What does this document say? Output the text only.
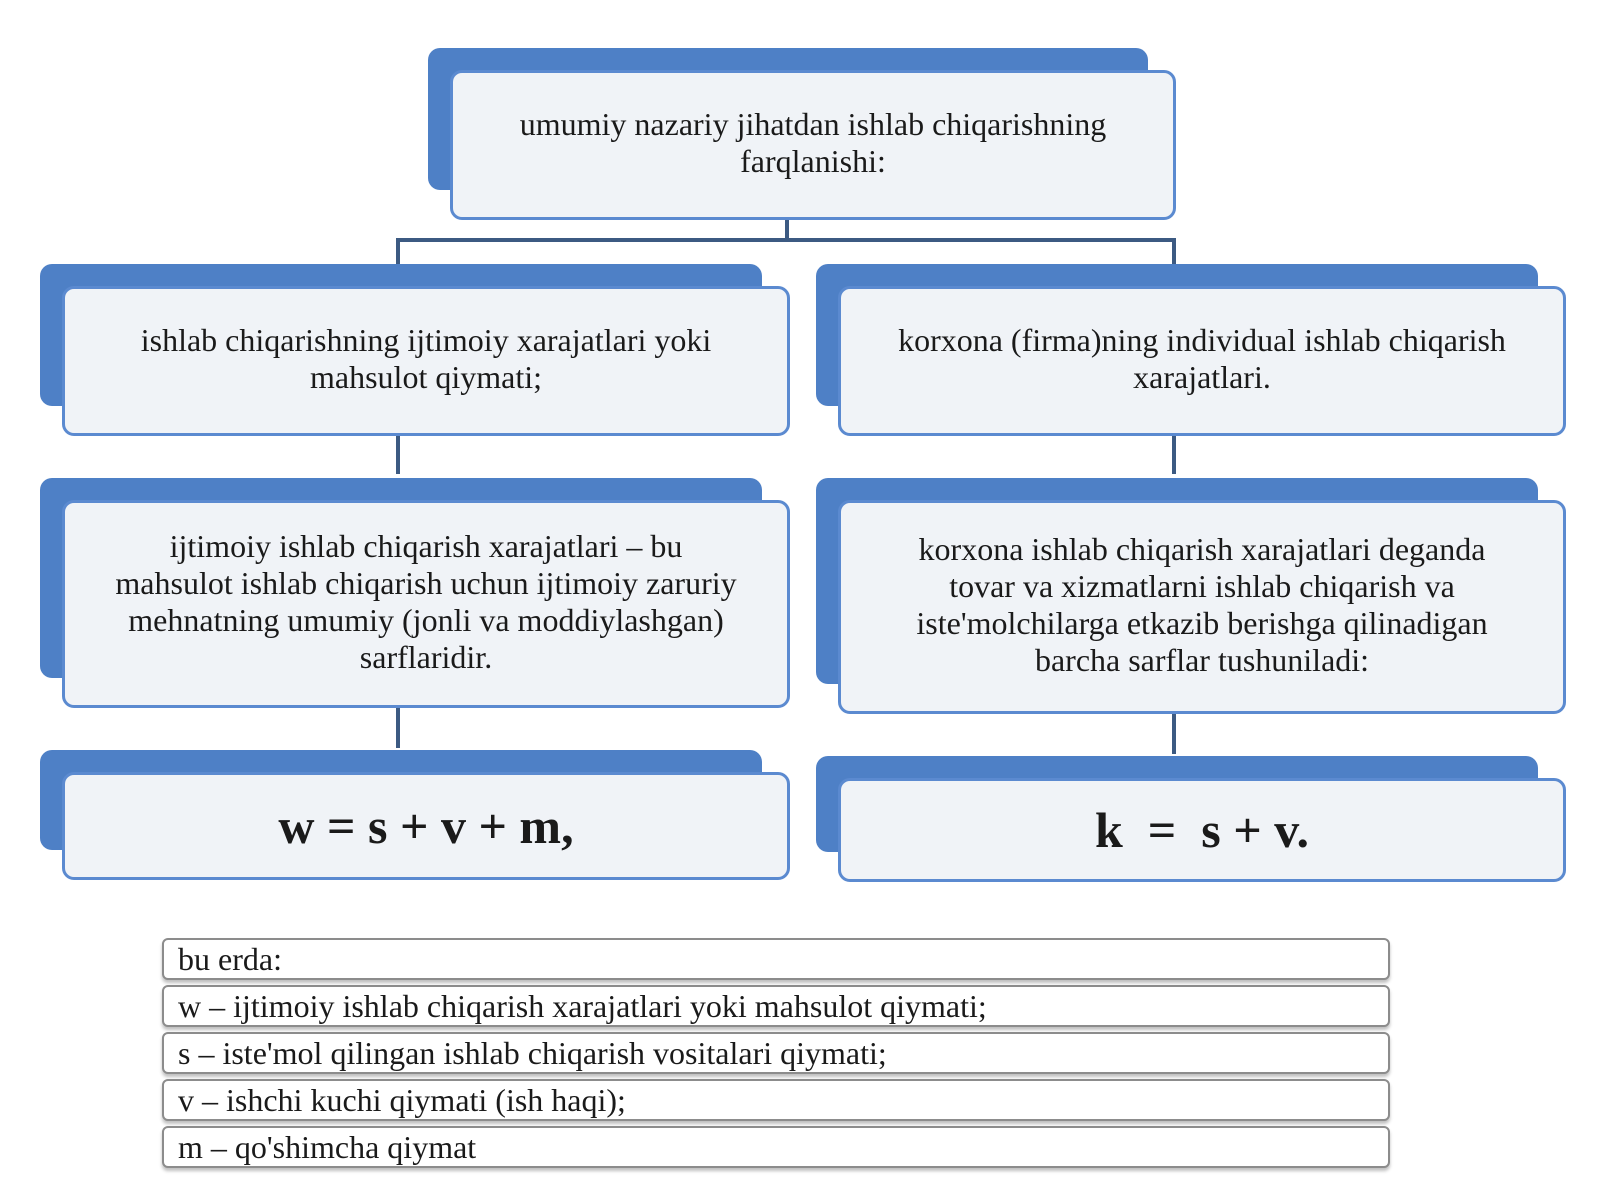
umumiy nazariy jihatdan ishlab chiqarishning
farqlanishi:
ishlab chiqarishning ijtimoiy xarajatlari yoki
mahsulot qiymati;
korxona (firma)ning individual ishlab chiqarish
xarajatlari.
ijtimoiy ishlab chiqarish xarajatlari – bu
mahsulot ishlab chiqarish uchun ijtimoiy zaruriy
mehnatning umumiy (jonli va moddiylashgan)
sarflaridir.
korxona ishlab chiqarish xarajatlari deganda
tovar va xizmatlarni ishlab chiqarish va
iste'molchilarga etkazib berishga qilinadigan
barcha sarflar tushuniladi:
w = s + v + m,	k  =  s + v.
bu erda:
w – ijtimoiy ishlab chiqarish xarajatlari yoki mahsulot qiymati;
s – iste'mol qilingan ishlab chiqarish vositalari qiymati;
v – ishchi kuchi qiymati (ish haqi);
m – qo'shimcha qiymat
